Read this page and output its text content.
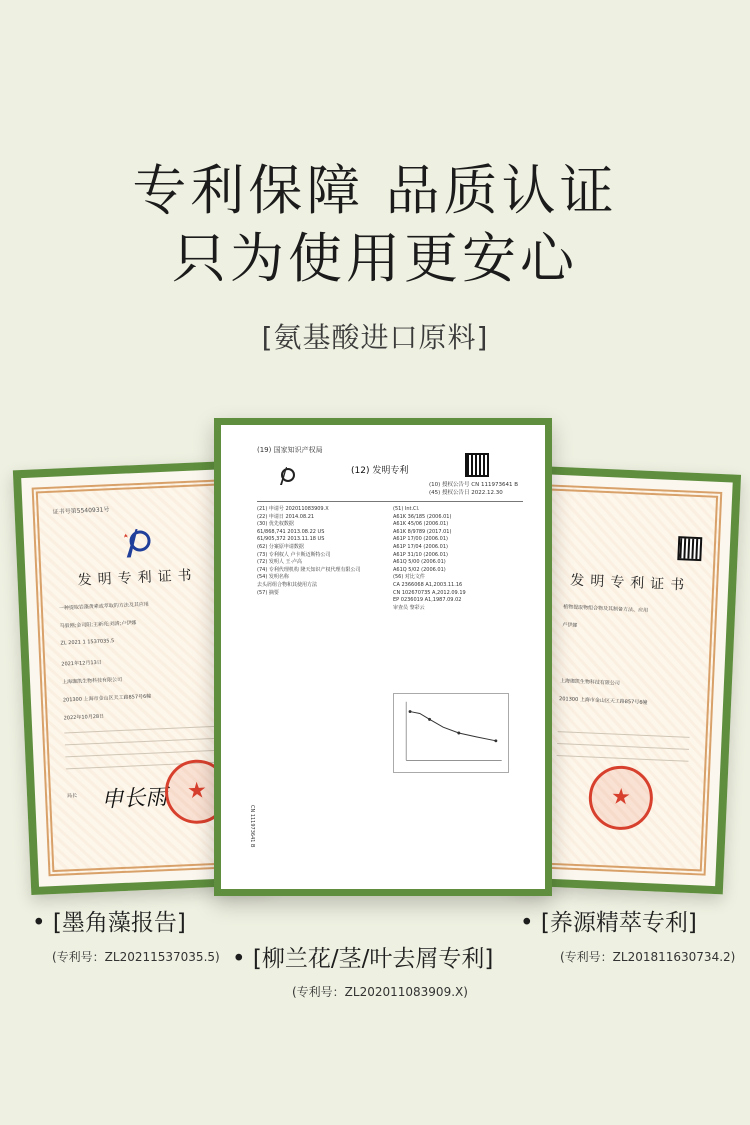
专利保障 品质认证
只为使用更安心
[氨基酸进口原料]
证书号第5540931号
发明专利证书
一种提取岩藻黄素或萃取的方法及其应用
马毅刚;金司阳;王新亮;刘清;卢伊娜
ZL 2021 1 1537035.5
2021年12月13日
上海珈凯生物科技有限公司
201300 上海市金山区天工路857号6幢
2022年10月28日
局长 申长雨
★
发明专利证书
植物提取物组合物及其制备方法、应用
卢伊娜
上海珈凯生物科技有限公司
201300 上海市金山区天工路857号6幢
★
(19) 国家知识产权局
(12) 发明专利
(10) 授权公告号 CN 111973641 B
(45) 授权公告日 2022.12.30
(21) 申请号 202011083909.X
(22) 申请日 2014.08.21
(30) 优先权数据
61/868,741 2013.08.22 US
61/905,372 2013.11.18 US
(62) 分案原申请数据
(73) 专利权人 卢卡斯迈斯特公司
(72) 发明人 王·卢高
(74) 专利代理机构 隆天知识产权代理有限公司
(54) 发明名称
去头屑组合物和其使用方法
(57) 摘要
(51) Int.Cl.
A61K 36/185 (2006.01)
A61K 45/06 (2006.01)
A61K 8/9789 (2017.01)
A61P 17/00 (2006.01)
A61P 17/04 (2006.01)
A61P 31/10 (2006.01)
A61Q 5/00 (2006.01)
A61Q 5/02 (2006.01)
(56) 对比文件
CA 2366068 A1,2003.11.16
CN 102670735 A,2012.09.19
EP 0236019 A1,1987.09.02
审查员 黎彩云
CN 111973641 B
• [墨角藻报告]
(专利号：ZL20211537035.5) • [柳兰花/茎/叶去屑专利]
(专利号：ZL202011083909.X)
• [养源精萃专利]
(专利号：ZL201811630734.2)
